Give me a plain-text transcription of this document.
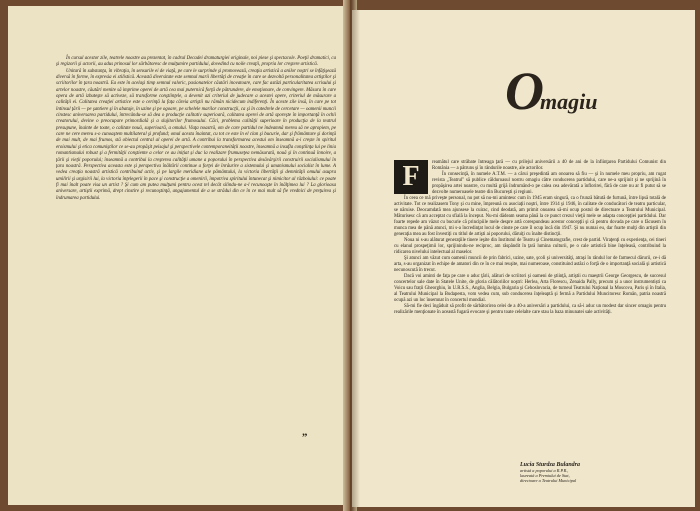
În cursul acestor zile, teatrele noastre au prezentat, în cadrul Decadei dramaturgiei originale, noi piese şi spectacole. Poeţii dramatici, ca şi regizorii şi actorii, au adus prinosul lor sărbătoresc de mulţumire partidului, dovedind cu noile creaţii, propria lor creştere artistică.

Unitară în substanţa, în vibraţia, în sensurile ei de viaţă, pe care le surprinde şi promovează, creaţia artistică a anilor noştri se înfăţişează diversă în forme, în expresia ei stilistică. Această diversitate este semnul marii libertăţi de creaţie în care se dezvoltă personalitatea artiştilor şi scriitorilor în ţara noastră. Ea este în acelaşi timp semnul valoric, pasionatelor căutări inovatoare, care fac astăzi particularitatea scrisului şi artelor noastre, căutări menite să imprime operei de artă cea mai puternică forţă de pătrundere, de emoţionare, de convingere. Măsura în care opera de artă izbuteşte să activeze, să transforme conştiinţele, a devenit azi criteriul de judecare a acestei opere, criteriul de măsurare a calităţii ei. Calitatea creaţiei artistice este o cerinţă la fața căreia artiştii nu rămân nicidecum indiferenţi. În aceste zile insă, în care pe tot întinsul ţării — pe şantiere şi în abataje, în uzine şi pe ogoare, pe schelele marilor construcţii, ca şi în catedrele de cercetare — oamenii muncii cinstesc aniversarea partidului, întrecându-se să dea o producţie calitativ superioară, calitatea operei de artă sporeşte în importanţă în ochii creatorului, devine o preocupare primordială şi a slujitorilor frumosului. Căci, problema calităţii superioare în producţia de la teatrul presupune, înainte de toate, o calitate nouă, superioară, a omului. Viaţa noastră, om de care partidul ne îndeamnă mereu să ne apropiem, pe care ne cere mereu s-o cunoaştem multilateral şi profund; omul acesta înaintat, cu tot ce este în el clan şi bucurie, dar şi frământare şi dorinţă de mai mult, de mai frumos, stă obiectul central al operei de artă. A contribui la transformarea acestui om înseamnă a-i crește în spiritul eroismului şi etica comuniştilor ce se-au propăşit peisajul şi perspectivele contemporaneității noastre, înseamnă a insufla conştiinţa lui pe linia romantismului robust şi a fermităţii conştiente a celor ce au inițiat și duc la realizare frumuseţea nemăsurată, nouă şi în continuă înnoire, a ţării şi vieţii poporului; înseamnă a contribui la creşterea calităţii umane a poporului în perspectiva desăvârşirii construirii socialismului în ţara noastră. Perspectiva aceasta este şi perspectiva înăltării continue a forţei de înrâurire a sistemului şi umanismului socialist în lume. A vedea creaţia noastră artistică contribuind activ, şi pe largile meridiane ale pământului, la victoria libertăţii şi demnităţii omului asupra umilirii şi urgisirii lui, la victoria înţelegerii în pace şi construcţie a omenirii, împotriva spiritului întunecat şi nimicitor al războiului: ce poate fi mai înalt poate visa un artist ? Şi cum am putea mulţumi pentru ocest tel decât silindu-ne a-l recunoaşte în înălţimea lui ? La glorioasa aniversare, artiştii exprimă, drept cinstire şi recunoştinţă, angajamentul de a se strădui din ce în ce mai mult să fie vrednici de preţuirea şi îndrumarea partidului.

„
Omagiu

reamătul care străbate întreaga ţară — cu prilejul aniversării a 40 de ani de la înfiinţarea Partidului Comunist din România — a pătruns şi în rândurile noastre, ale actorilor.

În consecinţă, în numele A.T.M. — a cărui preşedintă am onoarea să fiu — şi în numele meu propriu, am rugat revista „Teatrul" să publice călduroasul nostru omagiu către conducerea partidului, care ne-a sprijinit şi ne sprijină în propăşirea artei noastre, cu multă grijă îndrumând-o pe calea cea adevărată a înflorirei, fără de care nu ar fi putut să se dezvolte numeroasele teatre din Bucureşti şi regiuni.

În ceea ce mă priveşte personal, nu pot să nu-mi amintesc cum în 1945 eram singură, ca o frunză bătută de furtună, între lipsă totală de activitate. Tot ce realizasem Tony şi cu mine, împreună cu asociaţii noştri, între 1914 şi 1946, în calitate de conducători de teatru particular, se năruise. Deocamdată mea ajunsese la cuirac, cind deodată, am primit onoarea să-mi ocup postul de directoare a Teatrului Municipal. Măturisesc că am acceptat cu sfială la început. Nu-mi dădeam seama până la ce punct crezul vieţii mele se adapta concepţiei partidului. Dar foarte repede am văzut cu bucurie că principiile mele despre artă corespundeau acestor concepţii şi că pentru dovada pe care o făcusem în munca mea de până atunci, mi s-a încredinţat locul de cinste pe care îl ocup încă din 1947. Şi nu numai eu, dar foarte mulţi din artiştii din generaţia mea au fost învestiţi cu titlul de artişti ai poporului, dăruiţi cu înalte distincţii.

Noua ni s-au alăturat generaţiile tinere ieşite din Institutul de Teatru şi Cinematografie, crest de partid. Viraţenţi cu experienţa, cei tineri cu elanul prospeţimii lor, sprijinindu-ne reciproc, am răspândit în ţară lumina culturii, pe o cale artistică bine înţeleasă, contribuind la ridicarea nivelului intelectual al maselor.

Şi atunci am văzut cum oamenii muncii de prin fabrici, uzine, sate, şcoli şi universităţi, atraşi în rândul lor de farmecul dărurii, ce-i dă arta, s-au organizat în echipe de amatori din ce în ce mai reuşite, mai numeroase, constituind astăzi o forţă de o importanţă socială şi artistică necunoscută în trecut.

Dacă voi aminti de faţa pe care o aduc ţării, alături de scriitori şi oameni de ştiinţă, artiştii cu maeştrii George Georgescu, de succesul concertelor sale date în Statele Unite, de gloria călătoriilor noştri: Herlea, Arta Florescu, Zenaida Pally, precum și a unor instrumentiști ca Voicu sau frații Gheorghiu, în U.R.S.S., Anglia, Belgia, Bulgaria şi Cehoslovacia, de turneul Teatrului Naţional la Moscova, Paris şi în Italia, al Teatrului Municipal la Budapesta, vom vedea cum, sub conducerea înţeleaptă şi fermă a Partidului Muncitoresc Român, patria noastră ocupă azi un loc însemnat în concertul mondial.

Să-mi fie deci îngăduit să profit de sărbătorirea celei de a 40-a aniversări a partidului, ca să-i aduc un modest dar sincer omagiu pentru realizările menţionate în această fugară evocare şi pentru toate celelalte care stau la baza minunatei sale activităţi.

F
Lucia Sturdza Bulandra
artistă a poporului a R.P.R.,
laureată a Premiului de Stat,
directoare a Teatrului Municipal
